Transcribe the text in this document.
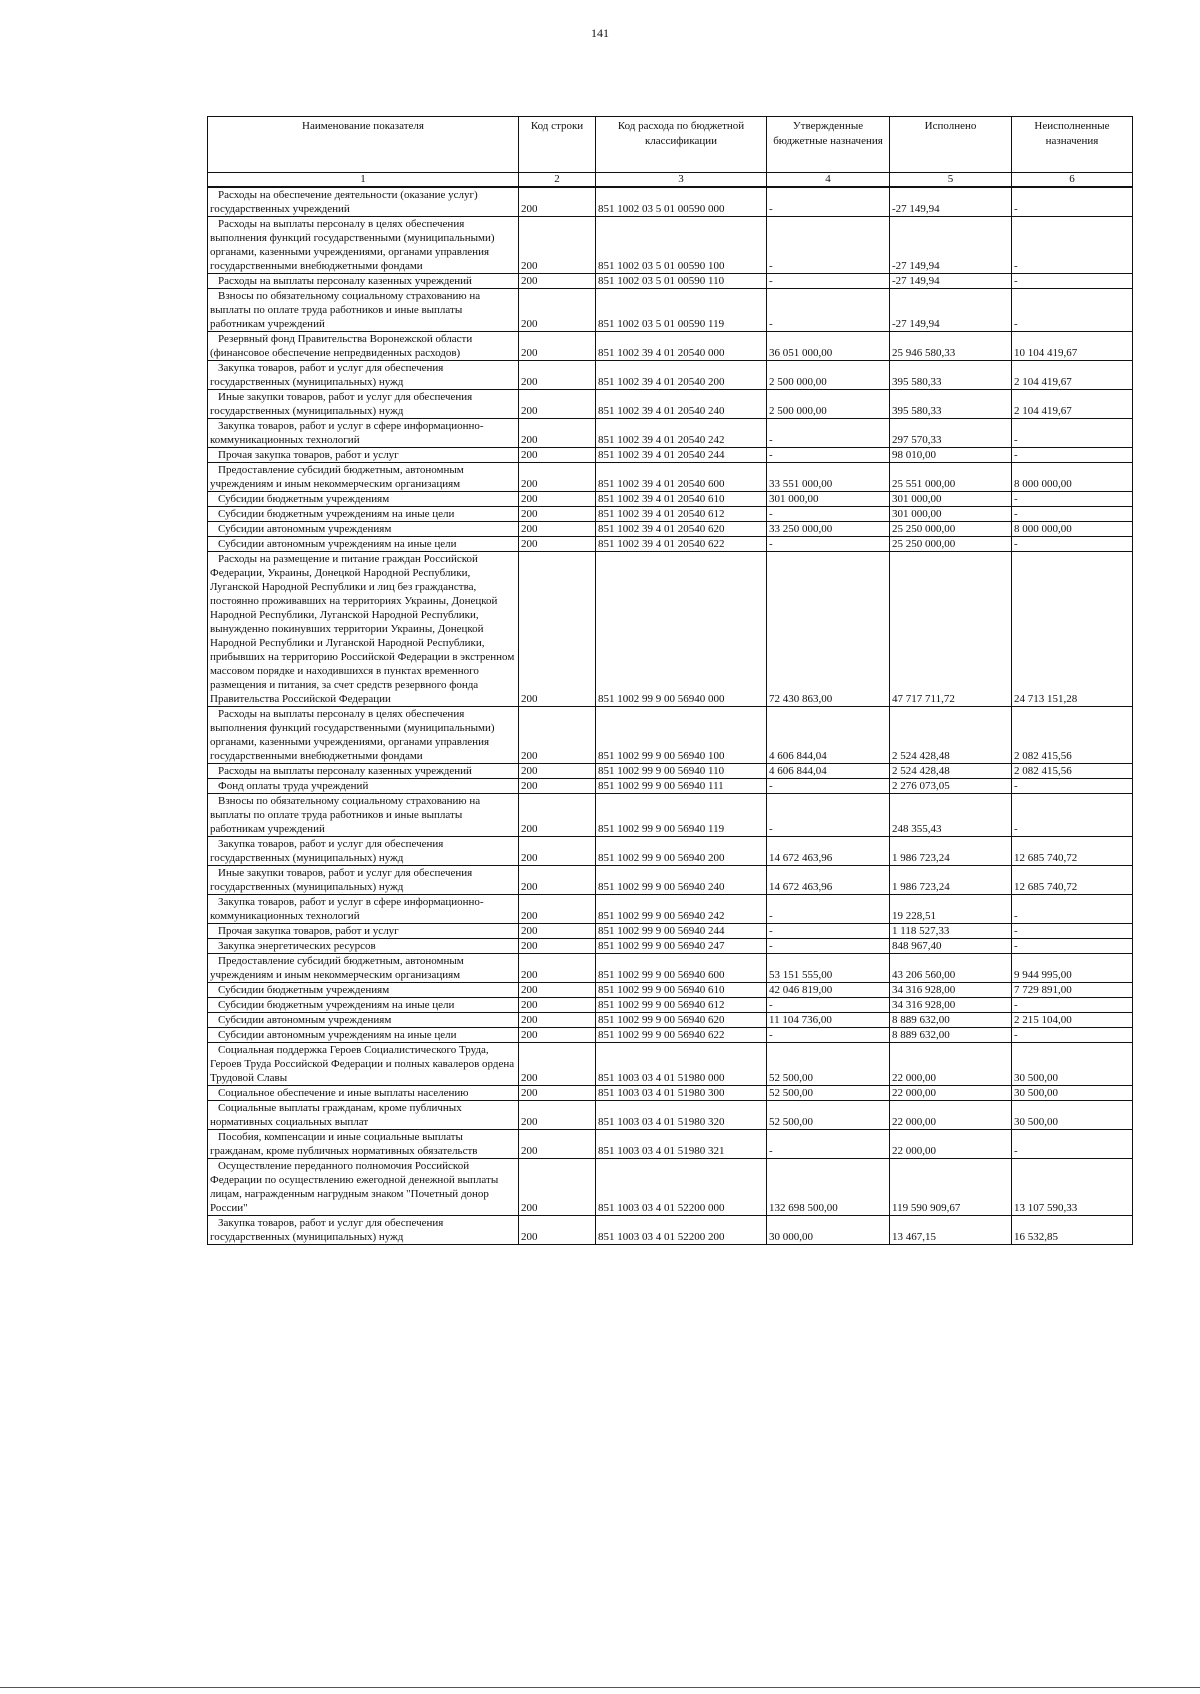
141
Наименование показателя	Код строки	Код расхода по бюджетной классификации	Утвержденные бюджетные назначения	Исполнено	Неисполненные назначения
1	2	3	4	5	6
Расходы на обеспечение деятельности (оказание услуг) государственных учреждений	200	851 1002 03 5 01 00590 000	-	-27 149,94	-
Расходы на выплаты персоналу в целях обеспечения выполнения функций государственными (муниципальными) органами, казенными учреждениями, органами управления государственными внебюджетными фондами	200	851 1002 03 5 01 00590 100	-	-27 149,94	-
Расходы на выплаты персоналу казенных учреждений	200	851 1002 03 5 01 00590 110	-	-27 149,94	-
Взносы по обязательному социальному страхованию на выплаты по оплате труда работников и иные выплаты работникам учреждений	200	851 1002 03 5 01 00590 119	-	-27 149,94	-
Резервный фонд Правительства Воронежской области (финансовое обеспечение непредвиденных расходов)	200	851 1002 39 4 01 20540 000	36 051 000,00	25 946 580,33	10 104 419,67
Закупка товаров, работ и услуг для обеспечения государственных (муниципальных) нужд	200	851 1002 39 4 01 20540 200	2 500 000,00	395 580,33	2 104 419,67
Иные закупки товаров, работ и услуг для обеспечения государственных (муниципальных) нужд	200	851 1002 39 4 01 20540 240	2 500 000,00	395 580,33	2 104 419,67
Закупка товаров, работ и услуг в сфере информационно-коммуникационных технологий	200	851 1002 39 4 01 20540 242	-	297 570,33	-
Прочая закупка товаров, работ и услуг	200	851 1002 39 4 01 20540 244	-	98 010,00	-
Предоставление субсидий бюджетным, автономным учреждениям и иным некоммерческим организациям	200	851 1002 39 4 01 20540 600	33 551 000,00	25 551 000,00	8 000 000,00
Субсидии бюджетным учреждениям	200	851 1002 39 4 01 20540 610	301 000,00	301 000,00	-
Субсидии бюджетным учреждениям на иные цели	200	851 1002 39 4 01 20540 612	-	301 000,00	-
Субсидии автономным учреждениям	200	851 1002 39 4 01 20540 620	33 250 000,00	25 250 000,00	8 000 000,00
Субсидии автономным учреждениям на иные цели	200	851 1002 39 4 01 20540 622	-	25 250 000,00	-
Расходы на размещение и питание граждан Российской Федерации, Украины, Донецкой Народной Республики, Луганской Народной Республики и лиц без гражданства, постоянно проживавших на территориях Украины, Донецкой Народной Республики, Луганской Народной Республики, вынужденно покинувших территории Украины, Донецкой Народной Республики и Луганской Народной Республики, прибывших на территорию Российской Федерации в экстренном массовом порядке и находившихся в пунктах временного размещения и питания, за счет средств резервного фонда Правительства Российской Федерации	200	851 1002 99 9 00 56940 000	72 430 863,00	47 717 711,72	24 713 151,28
Расходы на выплаты персоналу в целях обеспечения выполнения функций государственными (муниципальными) органами, казенными учреждениями, органами управления государственными внебюджетными фондами	200	851 1002 99 9 00 56940 100	4 606 844,04	2 524 428,48	2 082 415,56
Расходы на выплаты персоналу казенных учреждений	200	851 1002 99 9 00 56940 110	4 606 844,04	2 524 428,48	2 082 415,56
Фонд оплаты труда учреждений	200	851 1002 99 9 00 56940 111	-	2 276 073,05	-
Взносы по обязательному социальному страхованию на выплаты по оплате труда работников и иные выплаты работникам учреждений	200	851 1002 99 9 00 56940 119	-	248 355,43	-
Закупка товаров, работ и услуг для обеспечения государственных (муниципальных) нужд	200	851 1002 99 9 00 56940 200	14 672 463,96	1 986 723,24	12 685 740,72
Иные закупки товаров, работ и услуг для обеспечения государственных (муниципальных) нужд	200	851 1002 99 9 00 56940 240	14 672 463,96	1 986 723,24	12 685 740,72
Закупка товаров, работ и услуг в сфере информационно-коммуникационных технологий	200	851 1002 99 9 00 56940 242	-	19 228,51	-
Прочая закупка товаров, работ и услуг	200	851 1002 99 9 00 56940 244	-	1 118 527,33	-
Закупка энергетических ресурсов	200	851 1002 99 9 00 56940 247	-	848 967,40	-
Предоставление субсидий бюджетным, автономным учреждениям и иным некоммерческим организациям	200	851 1002 99 9 00 56940 600	53 151 555,00	43 206 560,00	9 944 995,00
Субсидии бюджетным учреждениям	200	851 1002 99 9 00 56940 610	42 046 819,00	34 316 928,00	7 729 891,00
Субсидии бюджетным учреждениям на иные цели	200	851 1002 99 9 00 56940 612	-	34 316 928,00	-
Субсидии автономным учреждениям	200	851 1002 99 9 00 56940 620	11 104 736,00	8 889 632,00	2 215 104,00
Субсидии автономным учреждениям на иные цели	200	851 1002 99 9 00 56940 622	-	8 889 632,00	-
Социальная поддержка Героев Социалистического Труда, Героев Труда Российской Федерации и полных кавалеров ордена Трудовой Славы	200	851 1003 03 4 01 51980 000	52 500,00	22 000,00	30 500,00
Социальное обеспечение и иные выплаты населению	200	851 1003 03 4 01 51980 300	52 500,00	22 000,00	30 500,00
Социальные выплаты гражданам, кроме публичных нормативных социальных выплат	200	851 1003 03 4 01 51980 320	52 500,00	22 000,00	30 500,00
Пособия, компенсации и иные социальные выплаты гражданам, кроме публичных нормативных обязательств	200	851 1003 03 4 01 51980 321	-	22 000,00	-
Осуществление переданного полномочия Российской Федерации по осуществлению ежегодной денежной выплаты лицам, награжденным нагрудным знаком "Почетный донор России"	200	851 1003 03 4 01 52200 000	132 698 500,00	119 590 909,67	13 107 590,33
Закупка товаров, работ и услуг для обеспечения государственных (муниципальных) нужд	200	851 1003 03 4 01 52200 200	30 000,00	13 467,15	16 532,85
